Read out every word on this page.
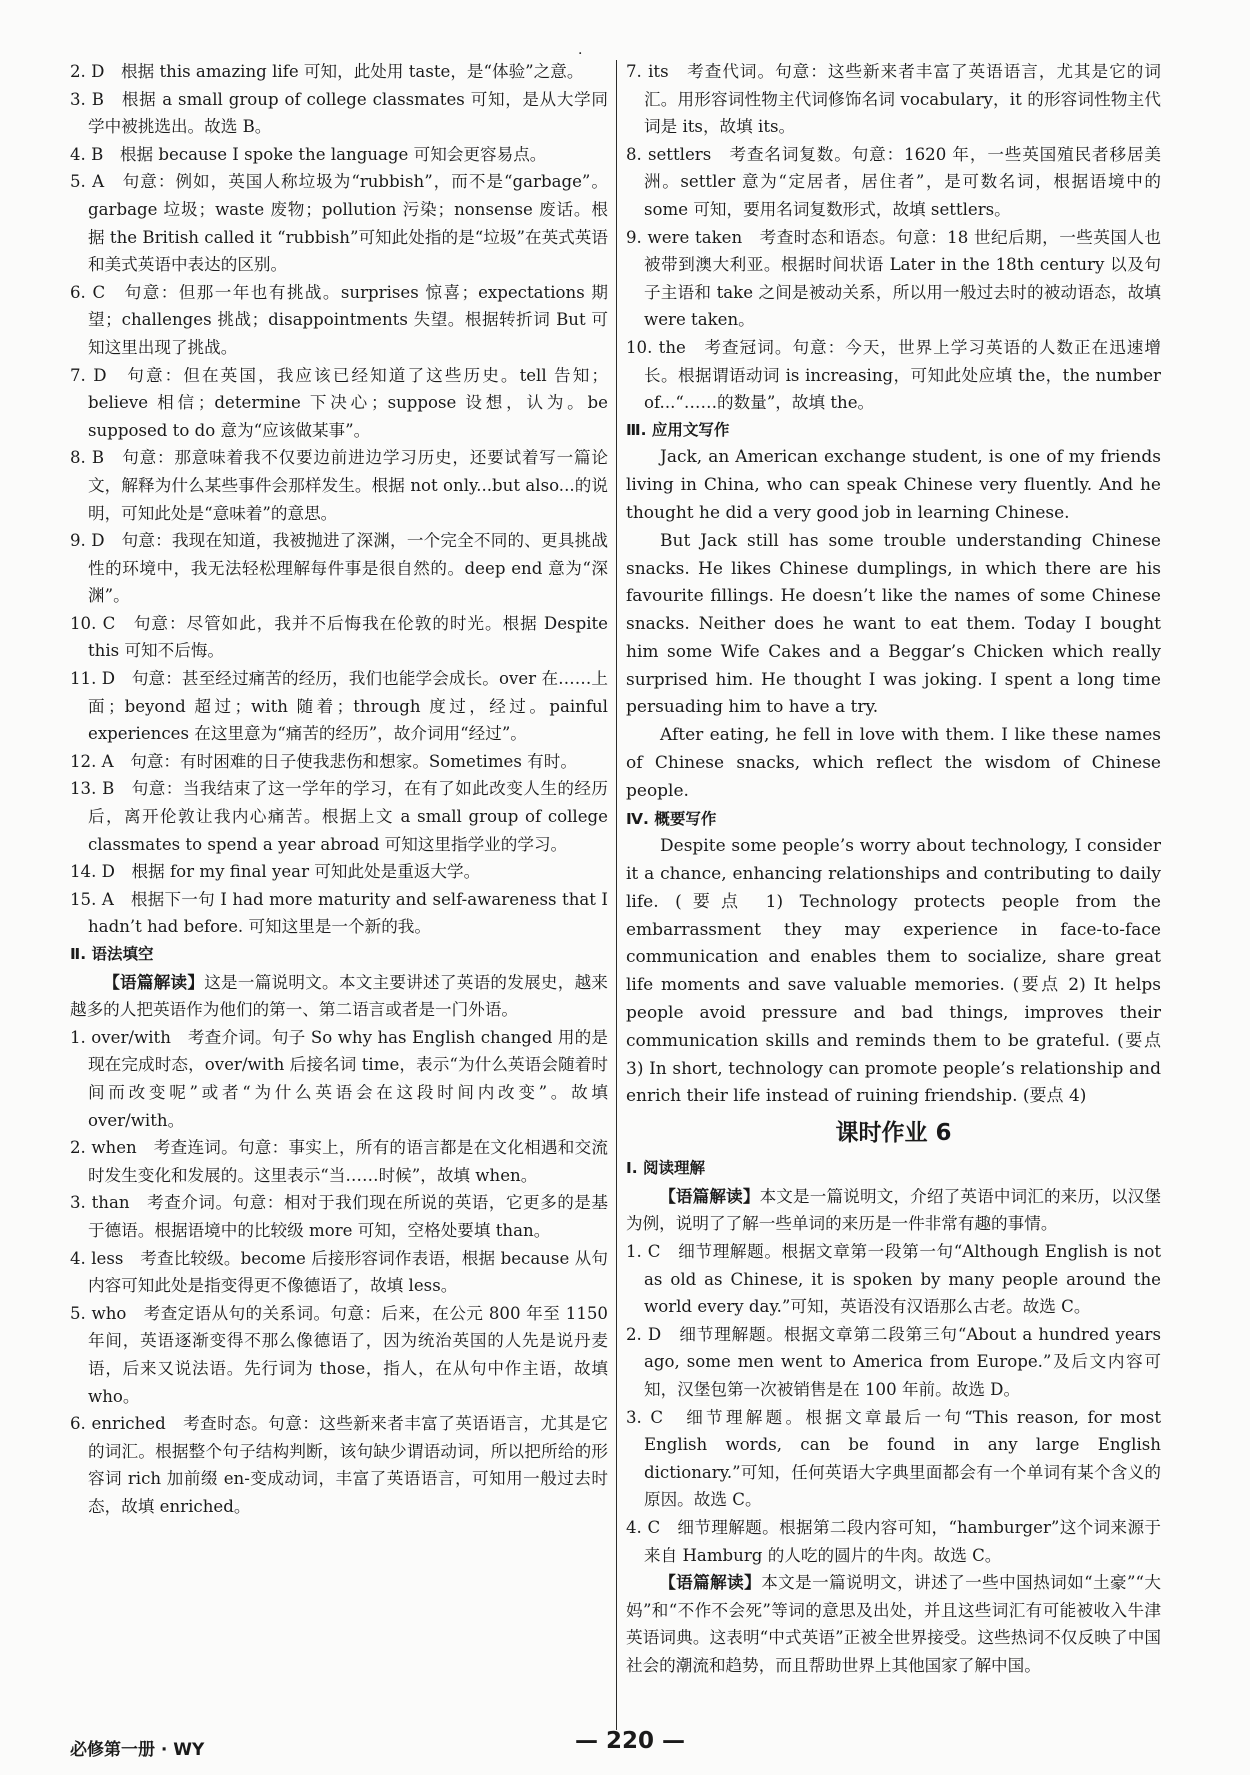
·

2. D　根据 this amazing life 可知，此处用 taste，是“体验”之意。

3. B　根据 a small group of college classmates 可知，是从大学同学中被挑选出。故选 B。

4. B　根据 because I spoke the language 可知会更容易点。

5. A　句意：例如，英国人称垃圾为“rubbish”，而不是“garbage”。garbage 垃圾；waste 废物；pollution 污染；nonsense 废话。根据 the British called it “rubbish”可知此处指的是“垃圾”在英式英语和美式英语中表达的区别。

6. C　句意：但那一年也有挑战。surprises 惊喜；expectations 期望；challenges 挑战；disappointments 失望。根据转折词 But 可知这里出现了挑战。

7. D　句意：但在英国，我应该已经知道了这些历史。tell 告知；believe 相信；determine 下决心；suppose 设想，认为。be supposed to do 意为“应该做某事”。

8. B　句意：那意味着我不仅要边前进边学习历史，还要试着写一篇论文，解释为什么某些事件会那样发生。根据 not only...but also...的说明，可知此处是“意味着”的意思。

9. D　句意：我现在知道，我被抛进了深渊，一个完全不同的、更具挑战性的环境中，我无法轻松理解每件事是很自然的。deep end 意为“深渊”。

10. C　句意：尽管如此，我并不后悔我在伦敦的时光。根据 Despite this 可知不后悔。

11. D　句意：甚至经过痛苦的经历，我们也能学会成长。over 在……上面；beyond 超过；with 随着；through 度过，经过。painful experiences 在这里意为“痛苦的经历”，故介词用“经过”。

12. A　句意：有时困难的日子使我悲伤和想家。Sometimes 有时。

13. B　句意：当我结束了这一学年的学习，在有了如此改变人生的经历后，离开伦敦让我内心痛苦。根据上文 a small group of college classmates to spend a year abroad 可知这里指学业的学习。

14. D　根据 for my final year 可知此处是重返大学。

15. A　根据下一句 I had more maturity and self-awareness that I hadn’t had before. 可知这里是一个新的我。

Ⅱ. 语法填空

【语篇解读】这是一篇说明文。本文主要讲述了英语的发展史，越来越多的人把英语作为他们的第一、第二语言或者是一门外语。

1. over/with　考查介词。句子 So why has English changed 用的是现在完成时态，over/with 后接名词 time，表示“为什么英语会随着时间而改变呢”或者“为什么英语会在这段时间内改变”。故填 over/with。

2. when　考查连词。句意：事实上，所有的语言都是在文化相遇和交流时发生变化和发展的。这里表示“当……时候”，故填 when。

3. than　考查介词。句意：相对于我们现在所说的英语，它更多的是基于德语。根据语境中的比较级 more 可知，空格处要填 than。

4. less　考查比较级。become 后接形容词作表语，根据 because 从句内容可知此处是指变得更不像德语了，故填 less。

5. who　考查定语从句的关系词。句意：后来，在公元 800 年至 1150 年间，英语逐渐变得不那么像德语了，因为统治英国的人先是说丹麦语，后来又说法语。先行词为 those，指人，在从句中作主语，故填 who。

6. enriched　考查时态。句意：这些新来者丰富了英语语言，尤其是它的词汇。根据整个句子结构判断，该句缺少谓语动词，所以把所给的形容词 rich 加前缀 en-变成动词，丰富了英语语言，可知用一般过去时态，故填 enriched。

7. its　考查代词。句意：这些新来者丰富了英语语言，尤其是它的词汇。用形容词性物主代词修饰名词 vocabulary，it 的形容词性物主代词是 its，故填 its。

8. settlers　考查名词复数。句意：1620 年，一些英国殖民者移居美洲。settler 意为“定居者，居住者”，是可数名词，根据语境中的 some 可知，要用名词复数形式，故填 settlers。

9. were taken　考查时态和语态。句意：18 世纪后期，一些英国人也被带到澳大利亚。根据时间状语 Later in the 18th century 以及句子主语和 take 之间是被动关系，所以用一般过去时的被动语态，故填 were taken。

10. the　考查冠词。句意：今天，世界上学习英语的人数正在迅速增长。根据谓语动词 is increasing，可知此处应填 the，the number of...“……的数量”，故填 the。

Ⅲ. 应用文写作

Jack, an American exchange student, is one of my friends living in China, who can speak Chinese very fluently. And he thought he did a very good job in learning Chinese.

But Jack still has some trouble understanding Chinese snacks. He likes Chinese dumplings, in which there are his favourite fillings. He doesn’t like the names of some Chinese snacks. Neither does he want to eat them. Today I bought him some Wife Cakes and a Beggar’s Chicken which really surprised him. He thought I was joking. I spent a long time persuading him to have a try.

After eating, he fell in love with them. I like these names of Chinese snacks, which reflect the wisdom of Chinese people.

Ⅳ. 概要写作

Despite some people’s worry about technology, I consider it a chance, enhancing relationships and contributing to daily life. (要点 1) Technology protects people from the embarrassment they may experience in face-to-face communication and enables them to socialize, share great life moments and save valuable memories. (要点 2) It helps people avoid pressure and bad things, improves their communication skills and reminds them to be grateful. (要点 3) In short, technology can promote people’s relationship and enrich their life instead of ruining friendship. (要点 4)

课时作业 6

Ⅰ. 阅读理解

【语篇解读】本文是一篇说明文，介绍了英语中词汇的来历，以汉堡为例，说明了了解一些单词的来历是一件非常有趣的事情。

1. C　细节理解题。根据文章第一段第一句“Although English is not as old as Chinese, it is spoken by many people around the world every day.”可知，英语没有汉语那么古老。故选 C。

2. D　细节理解题。根据文章第二段第三句“About a hundred years ago, some men went to America from Europe.”及后文内容可知，汉堡包第一次被销售是在 100 年前。故选 D。

3. C　细节理解题。根据文章最后一句“This reason, for most English words, can be found in any large English dictionary.”可知，任何英语大字典里面都会有一个单词有某个含义的原因。故选 C。

4. C　细节理解题。根据第二段内容可知，“hamburger”这个词来源于来自 Hamburg 的人吃的圆片的牛肉。故选 C。

【语篇解读】本文是一篇说明文，讲述了一些中国热词如“土豪”“大妈”和“不作不会死”等词的意思及出处，并且这些词汇有可能被收入牛津英语词典。这表明“中式英语”正被全世界接受。这些热词不仅反映了中国社会的潮流和趋势，而且帮助世界上其他国家了解中国。

必修第一册 · WY	— 220 —
